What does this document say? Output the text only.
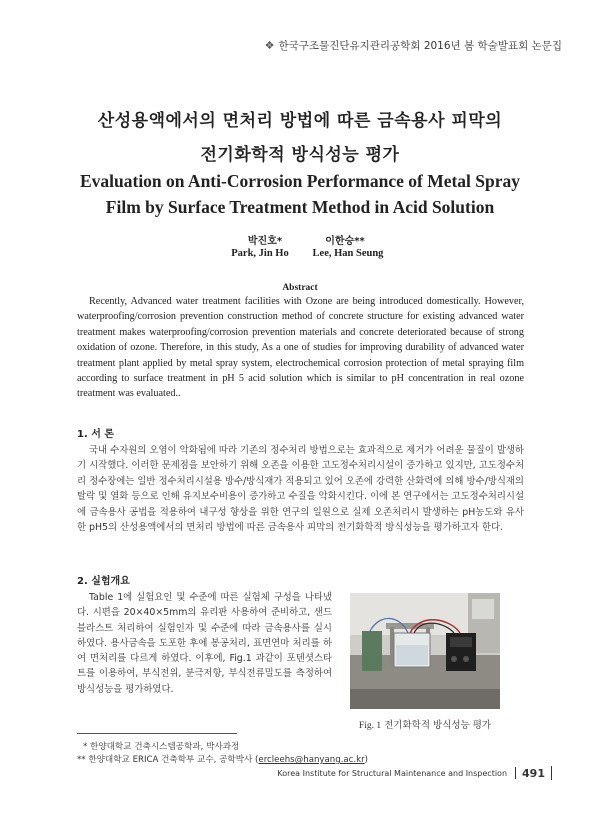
❖ 한국구조물진단유지관리공학회 2016년 봄 학술발표회 논문집
산성용액에서의 면처리 방법에 따른 금속용사 피막의
전기화학적 방식성능 평가
Evaluation on Anti-Corrosion Performance of Metal Spray
Film by Surface Treatment Method in Acid Solution
박진호*	이한승**
Park, Jin Ho	Lee, Han Seung
Abstract
Recently, Advanced water treatment facilities with Ozone are being introduced domestically. However, waterproofing/corrosion prevention construction method of concrete structure for existing advanced water treatment makes waterproofing/corrosion prevention materials and concrete deteriorated because of strong oxidation of ozone. Therefore, in this study, As a one of studies for improving durability of advanced water treatment plant applied by metal spray system, electrochemical corrosion protection of metal spraying film according to surface treatment in pH 5 acid solution which is similar to pH concentration in real ozone treatment was evaluated..
1. 서 론
국내 수자원의 오염이 악화됨에 따라 기존의 정수처리 방법으로는 효과적으로 제거가 어려운 물질이 발생하기 시작했다. 이러한 문제점을 보안하기 위해 오존을 이용한 고도정수처리시설이 증가하고 있지만, 고도정수처리 정수장에는 일반 정수처리시설용 방수/방식재가 적용되고 있어 오존에 강력한 산화력에 의해 방수/방식재의 탈락 및 열화 등으로 인해 유지보수비용이 증가하고 수질을 악화시킨다. 이에 본 연구에서는 고도정수처리시설에 금속용사 공법을 적용하여 내구성 향상을 위한 연구의 일원으로 실제 오존처리시 발생하는 pH농도와 유사한 pH5의 산성용액에서의 면처리 방법에 따른 금속용사 피막의 전기화학적 방식성능을 평가하고자 한다.
2. 실험개요
Table 1에 실험요인 및 수준에 따른 실험체 구성을 나타냈다. 시편을 20×40×5mm의 유리판 사용하여 준비하고, 샌드블라스트 처리하여 실험인자 및 수준에 따라 금속용사를 실시하였다. 용사금속을 도포한 후에 봉공처리, 표면연마 처리를 하여 면처리를 다르게 하였다. 이후에, Fig.1 과같이 포텐셧스타트를 이용하여, 부식전위, 분극저항, 부식전류밀도를 측정하여 방식성능을 평가하였다.
Fig. 1 전기화학적 방식성능 평가
* 한양대학교 건축시스템공학과, 박사과정
** 한양대학교 ERICA 건축학부 교수, 공학박사 (ercleehs@hanyang.ac.kr)
Korea Institute for Structural Maintenance and Inspection 491
